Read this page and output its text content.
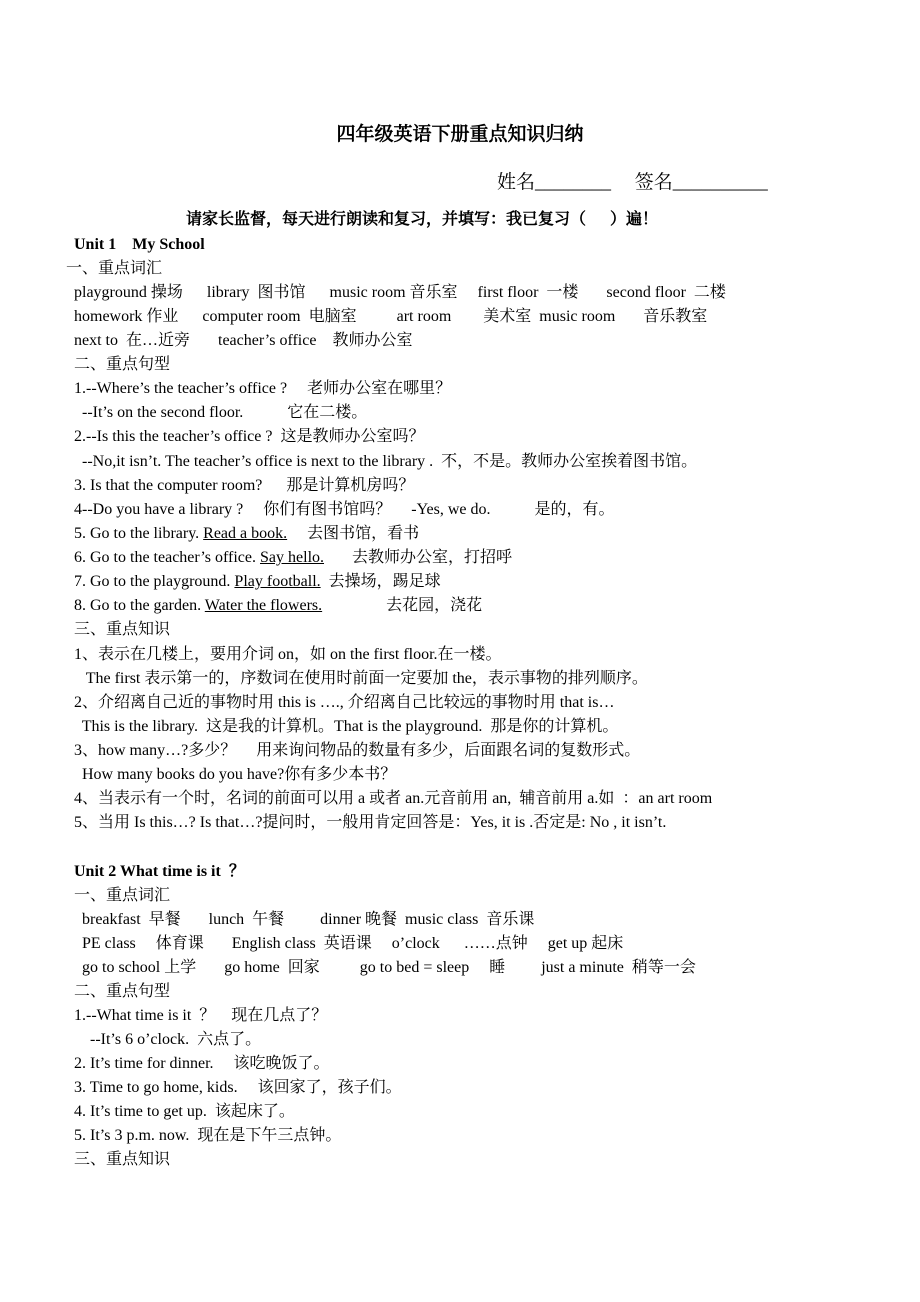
四年级英语下册重点知识归纳
姓名________     签名__________
请家长监督，每天进行朗读和复习，并填写：我已复习（      ）遍！
Unit 1    My School
一、重点词汇
playground 操场      library  图书馆      music room 音乐室     first floor  一楼       second floor  二楼
homework 作业      computer room  电脑室          art room        美术室  music room       音乐教室
next to  在…近旁       teacher’s office    教师办公室
二、重点句型
1.--Where’s the teacher’s office ?     老师办公室在哪里？
--It’s on the second floor.           它在二楼。
2.--Is this the teacher’s office ?  这是教师办公室吗？
--No,it isn’t. The teacher’s office is next to the library .  不，不是。教师办公室挨着图书馆。
3. Is that the computer room?      那是计算机房吗？
4--Do you have a library ?     你们有图书馆吗？     -Yes, we do.           是的，有。
5. Go to the library. Read a book.     去图书馆，看书
6. Go to the teacher’s office. Say hello.       去教师办公室，打招呼
7. Go to the playground. Play football.  去操场，踢足球
8. Go to the garden. Water the flowers.                去花园，浇花
三、重点知识
1、表示在几楼上，要用介词 on，如 on the first floor.在一楼。
The first 表示第一的，序数词在使用时前面一定要加 the，表示事物的排列顺序。
2、介绍离自己近的事物时用 this is …., 介绍离自己比较远的事物时用 that is…
This is the library.  这是我的计算机。That is the playground.  那是你的计算机。
3、how many…?多少？     用来询问物品的数量有多少，后面跟名词的复数形式。
How many books do you have?你有多少本书？
4、当表示有一个时，名词的前面可以用 a 或者 an.元音前用 an,  辅音前用 a.如  ：an art room
5、当用 Is this…? Is that…?提问时，一般用肯定回答是：Yes, it is .否定是: No , it isn’t.
Unit 2 What time is it  ？
一、重点词汇
breakfast  早餐       lunch  午餐         dinner 晚餐  music class  音乐课
PE class     体育课       English class  英语课     o’clock      ……点钟     get up 起床
go to school 上学       go home  回家          go to bed = sleep     睡         just a minute  稍等一会
二、重点句型
1.--What time is it  ？    现在几点了？
--It’s 6 o’clock.  六点了。
2. It’s time for dinner.     该吃晚饭了。
3. Time to go home, kids.     该回家了，孩子们。
4. It’s time to get up.  该起床了。
5. It’s 3 p.m. now.  现在是下午三点钟。
三、重点知识
